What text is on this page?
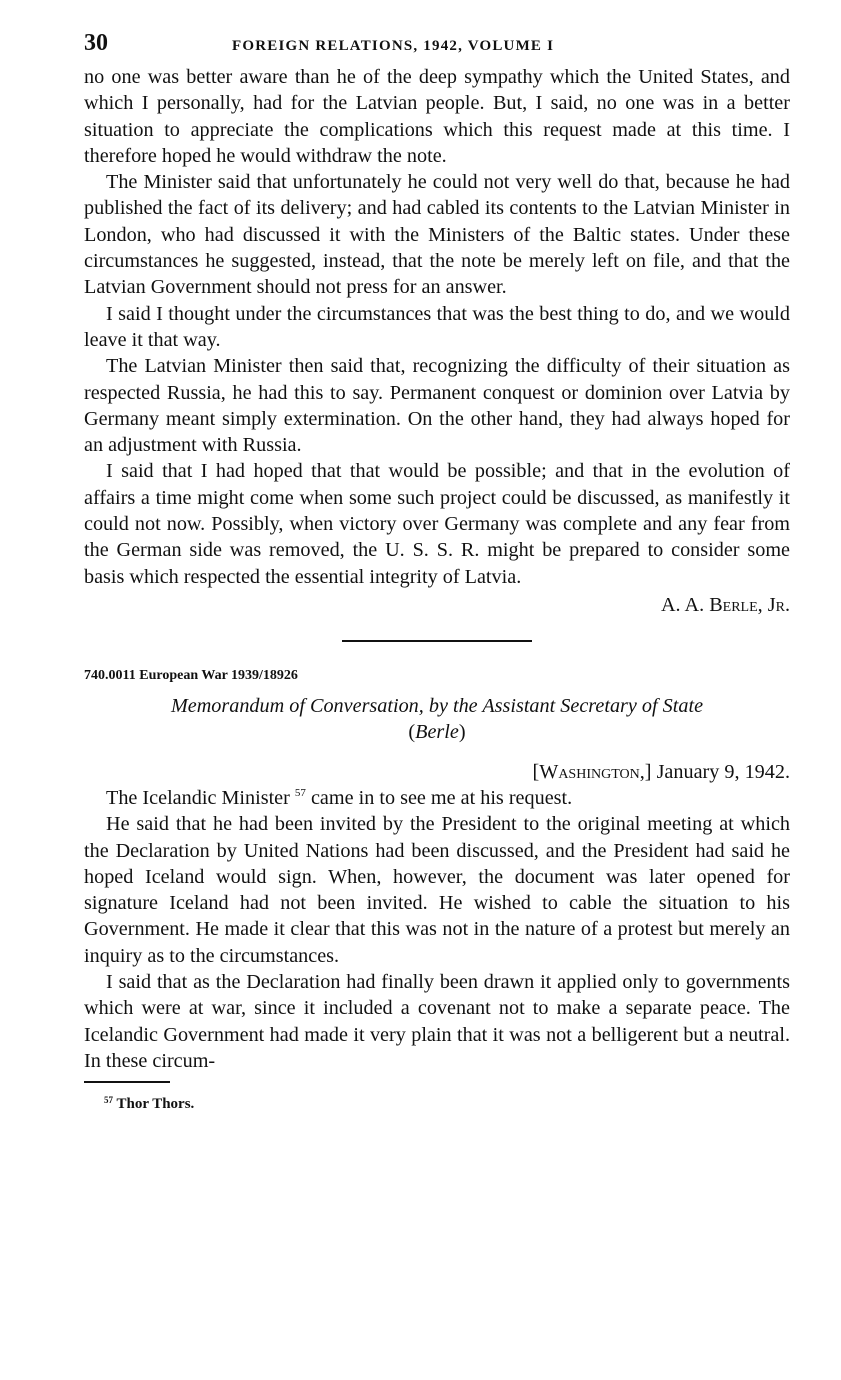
30	FOREIGN RELATIONS, 1942, VOLUME I

no one was better aware than he of the deep sympathy which the United States, and which I personally, had for the Latvian people. But, I said, no one was in a better situation to appreciate the complications which this request made at this time. I therefore hoped he would withdraw the note.

The Minister said that unfortunately he could not very well do that, because he had published the fact of its delivery; and had cabled its contents to the Latvian Minister in London, who had discussed it with the Ministers of the Baltic states. Under these circumstances he suggested, instead, that the note be merely left on file, and that the Latvian Government should not press for an answer.

I said I thought under the circumstances that was the best thing to do, and we would leave it that way.

The Latvian Minister then said that, recognizing the difficulty of their situation as respected Russia, he had this to say. Permanent conquest or dominion over Latvia by Germany meant simply extermination. On the other hand, they had always hoped for an adjustment with Russia.

I said that I had hoped that that would be possible; and that in the evolution of affairs a time might come when some such project could be discussed, as manifestly it could not now. Possibly, when victory over Germany was complete and any fear from the German side was removed, the U. S. S. R. might be prepared to consider some basis which respected the essential integrity of Latvia.

A. A. Berle, Jr.
740.0011 European War 1939/18926
Memorandum of Conversation, by the Assistant Secretary of State
(Berle)
[Washington,] January 9, 1942.

The Icelandic Minister $^{57}$ came in to see me at his request.

He said that he had been invited by the President to the original meeting at which the Declaration by United Nations had been discussed, and the President had said he hoped Iceland would sign. When, however, the document was later opened for signature Iceland had not been invited. He wished to cable the situation to his Government. He made it clear that this was not in the nature of a protest but merely an inquiry as to the circumstances.

I said that as the Declaration had finally been drawn it applied only to governments which were at war, since it included a covenant not to make a separate peace. The Icelandic Government had made it very plain that it was not a belligerent but a neutral. In these circum-

$^{57}$ Thor Thors.
